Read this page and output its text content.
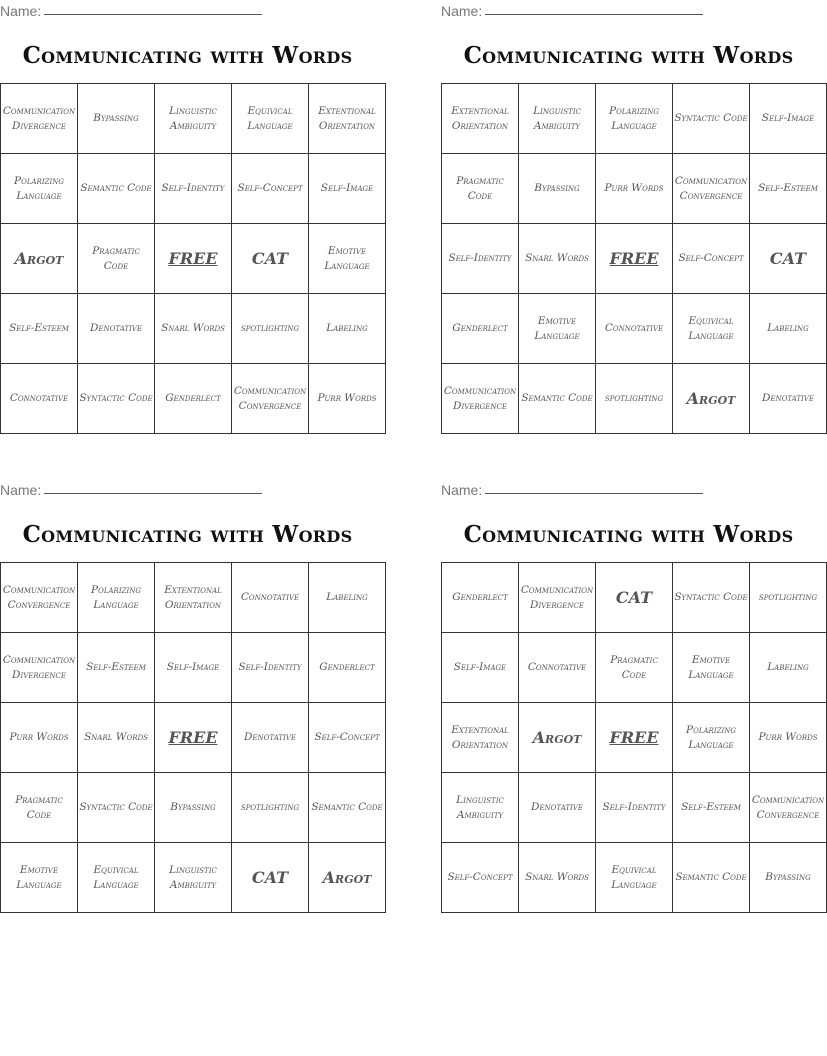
Name:
Communicating with Words
Communication Divergence	Bypassing	Linguistic Ambiguity	Equivical Language	Extentional Orientation
Polarizing Language	Semantic Code	Self-Identity	Self-Concept	Self-Image
Argot	Pragmatic Code	FREE	CAT	Emotive Language
Self-Esteem	Denotative	Snarl Words	spotlighting	Labeling
Connotative	Syntactic Code	Genderlect	Communication Convergence	Purr Words
Name:
Communicating with Words
Extentional Orientation	Linguistic Ambiguity	Polarizing Language	Syntactic Code	Self-Image
Pragmatic Code	Bypassing	Purr Words	Communication Convergence	Self-Esteem
Self-Identity	Snarl Words	FREE	Self-Concept	CAT
Genderlect	Emotive Language	Connotative	Equivical Language	Labeling
Communication Divergence	Semantic Code	spotlighting	Argot	Denotative
Name:
Communicating with Words
Communication Convergence	Polarizing Language	Extentional Orientation	Connotative	Labeling
Communication Divergence	Self-Esteem	Self-Image	Self-Identity	Genderlect
Purr Words	Snarl Words	FREE	Denotative	Self-Concept
Pragmatic Code	Syntactic Code	Bypassing	spotlighting	Semantic Code
Emotive Language	Equivical Language	Linguistic Ambiguity	CAT	Argot
Name:
Communicating with Words
Genderlect	Communication Divergence	CAT	Syntactic Code	spotlighting
Self-Image	Connotative	Pragmatic Code	Emotive Language	Labeling
Extentional Orientation	Argot	FREE	Polarizing Language	Purr Words
Linguistic Ambiguity	Denotative	Self-Identity	Self-Esteem	Communication Convergence
Self-Concept	Snarl Words	Equivical Language	Semantic Code	Bypassing
